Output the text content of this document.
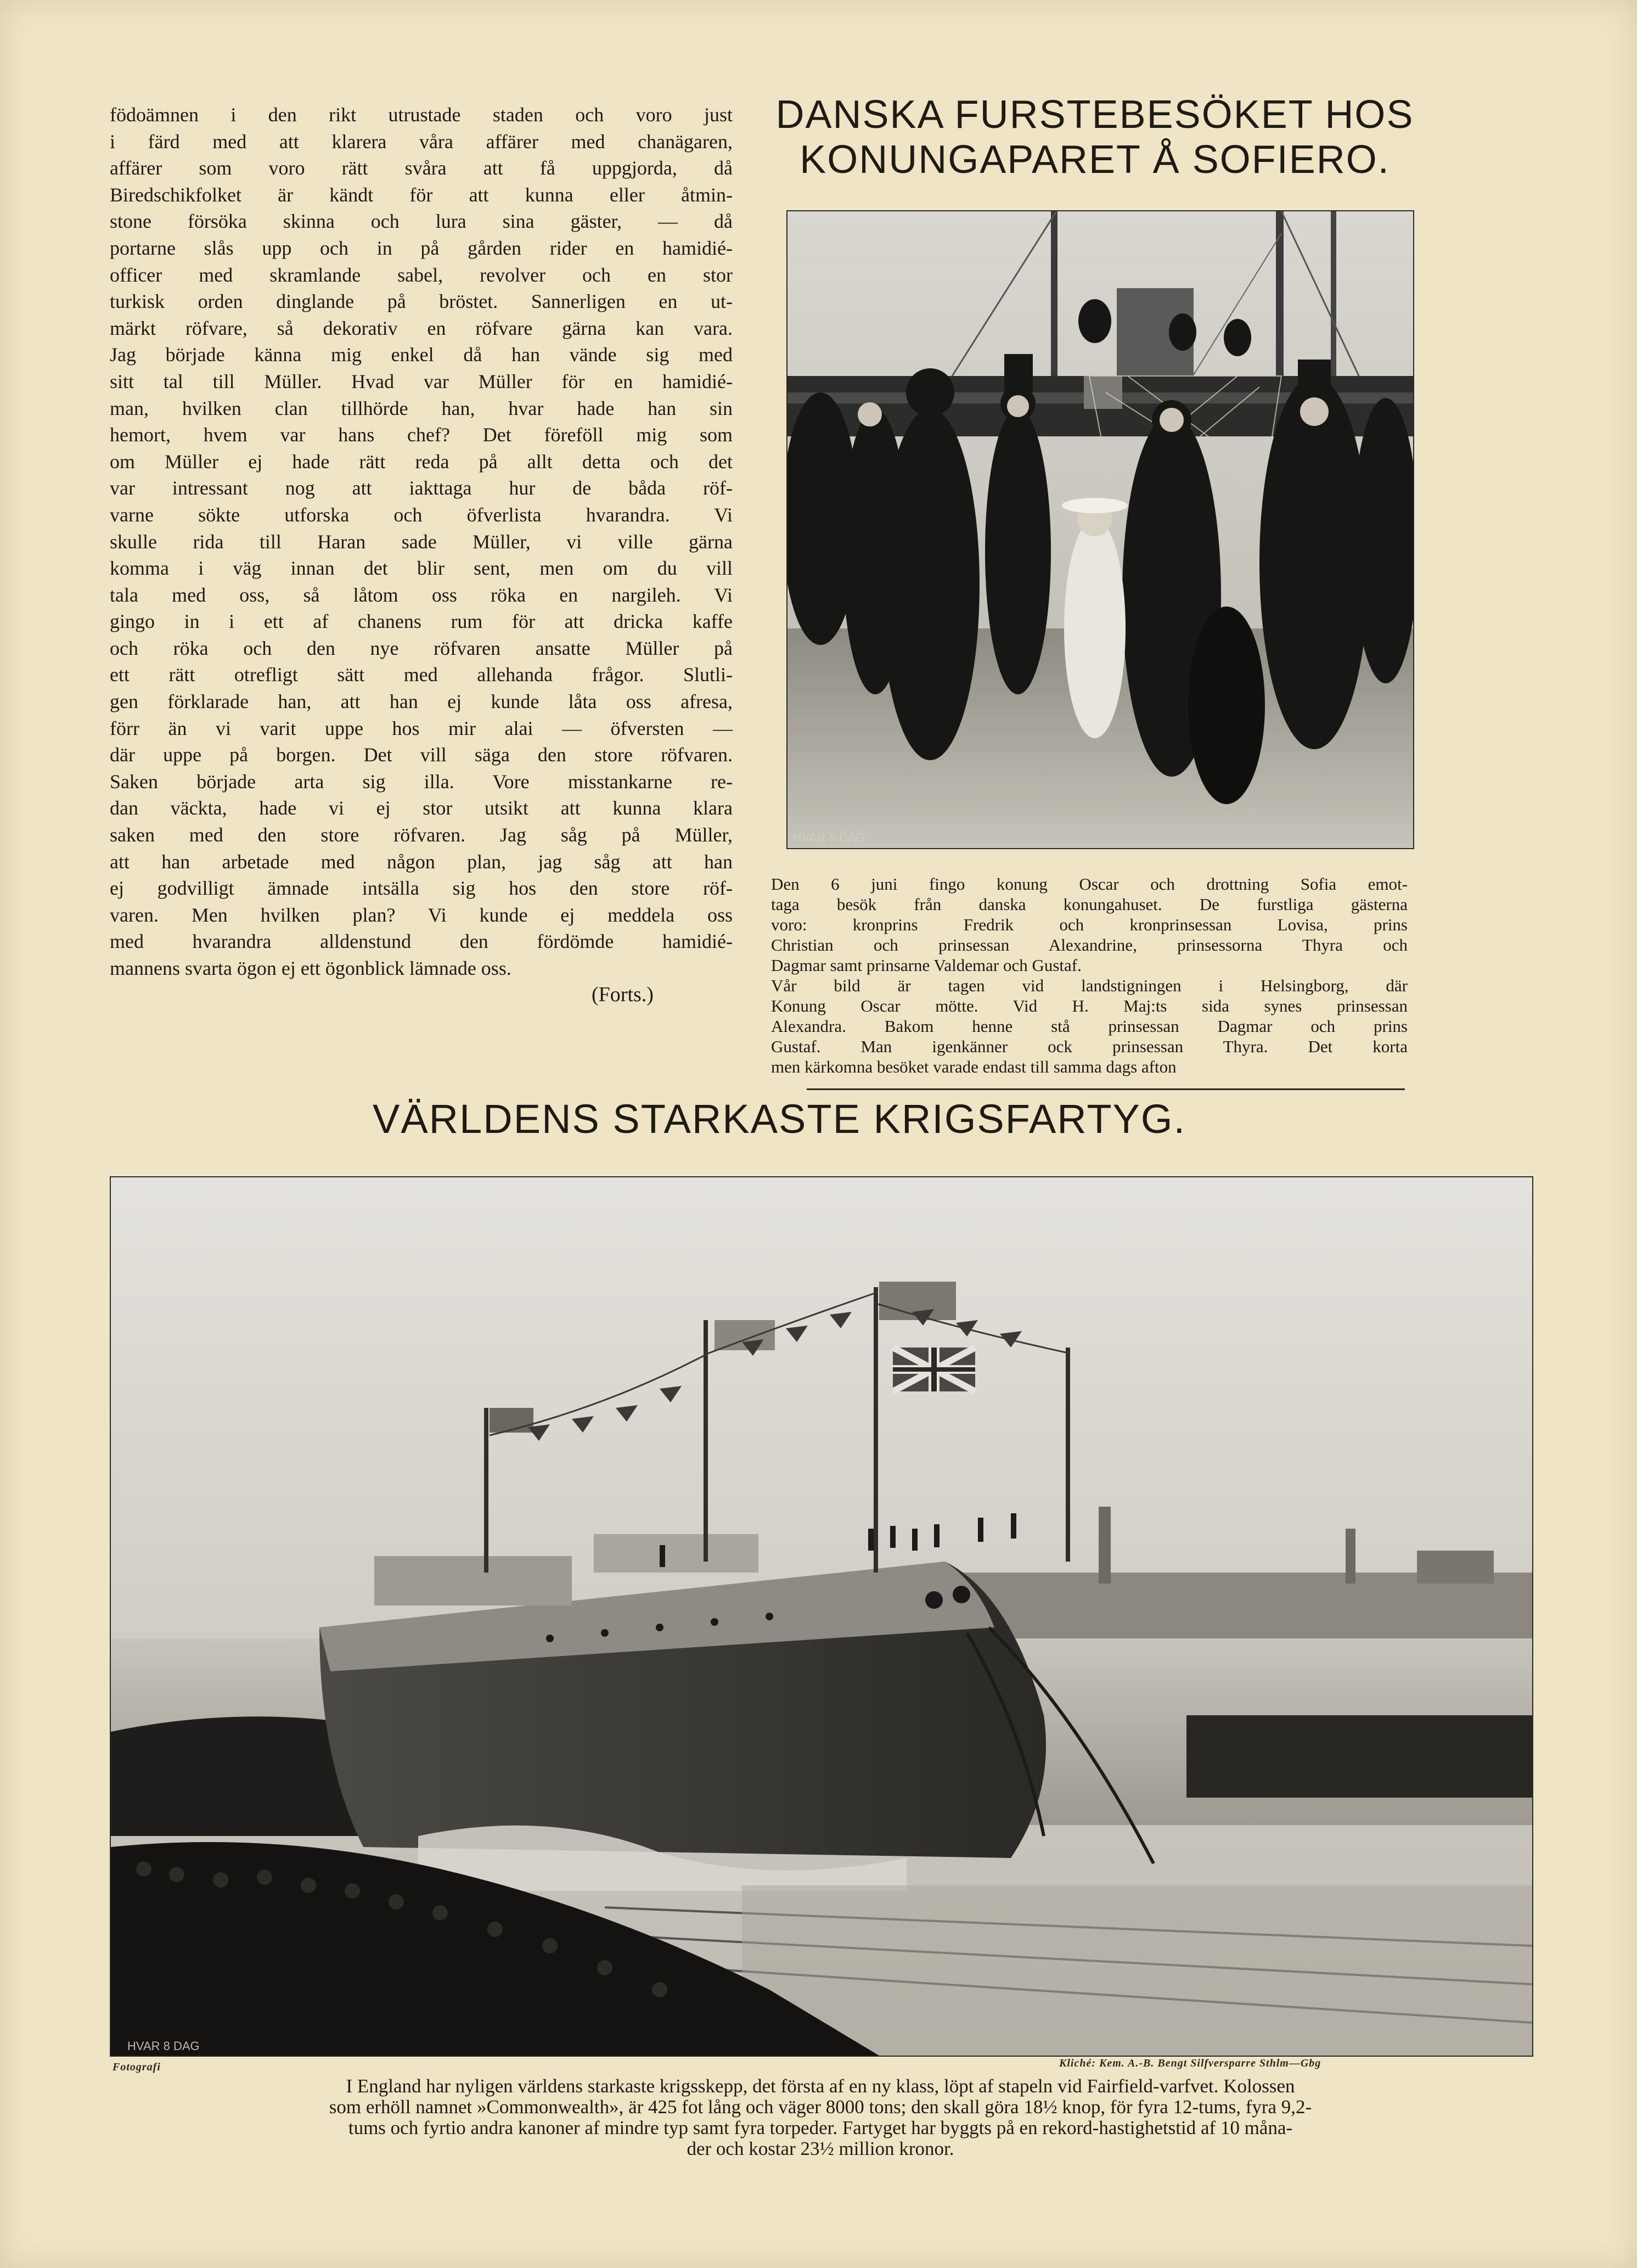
födoämnen i den rikt utrustade staden och voro just
i färd med att klarera våra affärer med chanägaren,
affärer som voro rätt svåra att få uppgjorda, då
Biredschikfolket är kändt för att kunna eller åtmin-
stone försöka skinna och lura sina gäster, — då
portarne slås upp och in på gården rider en hamidié-
officer med skramlande sabel, revolver och en stor
turkisk orden dinglande på bröstet. Sannerligen en ut-
märkt röfvare, så dekorativ en röfvare gärna kan vara.
Jag började känna mig enkel då han vände sig med
sitt tal till Müller. Hvad var Müller för en hamidié-
man, hvilken clan tillhörde han, hvar hade han sin
hemort, hvem var hans chef? Det föreföll mig som
om Müller ej hade rätt reda på allt detta och det
var intressant nog att iakttaga hur de båda röf-
varne sökte utforska och öfverlista hvarandra. Vi
skulle rida till Haran sade Müller, vi ville gärna
komma i väg innan det blir sent, men om du vill
tala med oss, så låtom oss röka en nargileh. Vi
gingo in i ett af chanens rum för att dricka kaffe
och röka och den nye röfvaren ansatte Müller på
ett rätt otrefligt sätt med allehanda frågor. Slutli-
gen förklarade han, att han ej kunde låta oss afresa,
förr än vi varit uppe hos mir alai — öfversten —
där uppe på borgen. Det vill säga den store röfvaren.
Saken började arta sig illa. Vore misstankarne re-
dan väckta, hade vi ej stor utsikt att kunna klara
saken med den store röfvaren. Jag såg på Müller,
att han arbetade med någon plan, jag såg att han
ej godvilligt ämnade intsälla sig hos den store röf-
varen. Men hvilken plan? Vi kunde ej meddela oss
med hvarandra alldenstund den fördömde hamidié-
mannens svarta ögon ej ett ögonblick lämnade oss.
(Forts.)
DANSKA FURSTEBESÖKET HOS
KONUNGAPARET Å SOFIERO.
HVAR 8 DAG
Den 6 juni fingo konung Oscar och drottning Sofia emot-
taga besök från danska konungahuset. De furstliga gästerna
voro: kronprins Fredrik och kronprinsessan Lovisa, prins
Christian och prinsessan Alexandrine, prinsessorna Thyra och
Dagmar samt prinsarne Valdemar och Gustaf.
Vår bild är tagen vid landstigningen i Helsingborg, där
Konung Oscar mötte. Vid H. Maj:ts sida synes prinsessan
Alexandra. Bakom henne stå prinsessan Dagmar och prins
Gustaf. Man igenkänner ock prinsessan Thyra. Det korta
men kärkomna besöket varade endast till samma dags afton
VÄRLDENS STARKASTE KRIGSFARTYG.
HVAR 8 DAG
Fotografi	Kliché: Kem. A.-B. Bengt Silfversparre Sthlm—Gbg
I England har nyligen världens starkaste krigsskepp, det första af en ny klass, löpt af stapeln vid Fairfield-varfvet. Kolossen
som erhöll namnet »Commonwealth», är 425 fot lång och väger 8000 tons; den skall göra 18½ knop, för fyra 12-tums, fyra 9,2-
tums och fyrtio andra kanoner af mindre typ samt fyra torpeder. Fartyget har byggts på en rekord-hastighetstid af 10 måna-
der och kostar 23½ million kronor.
